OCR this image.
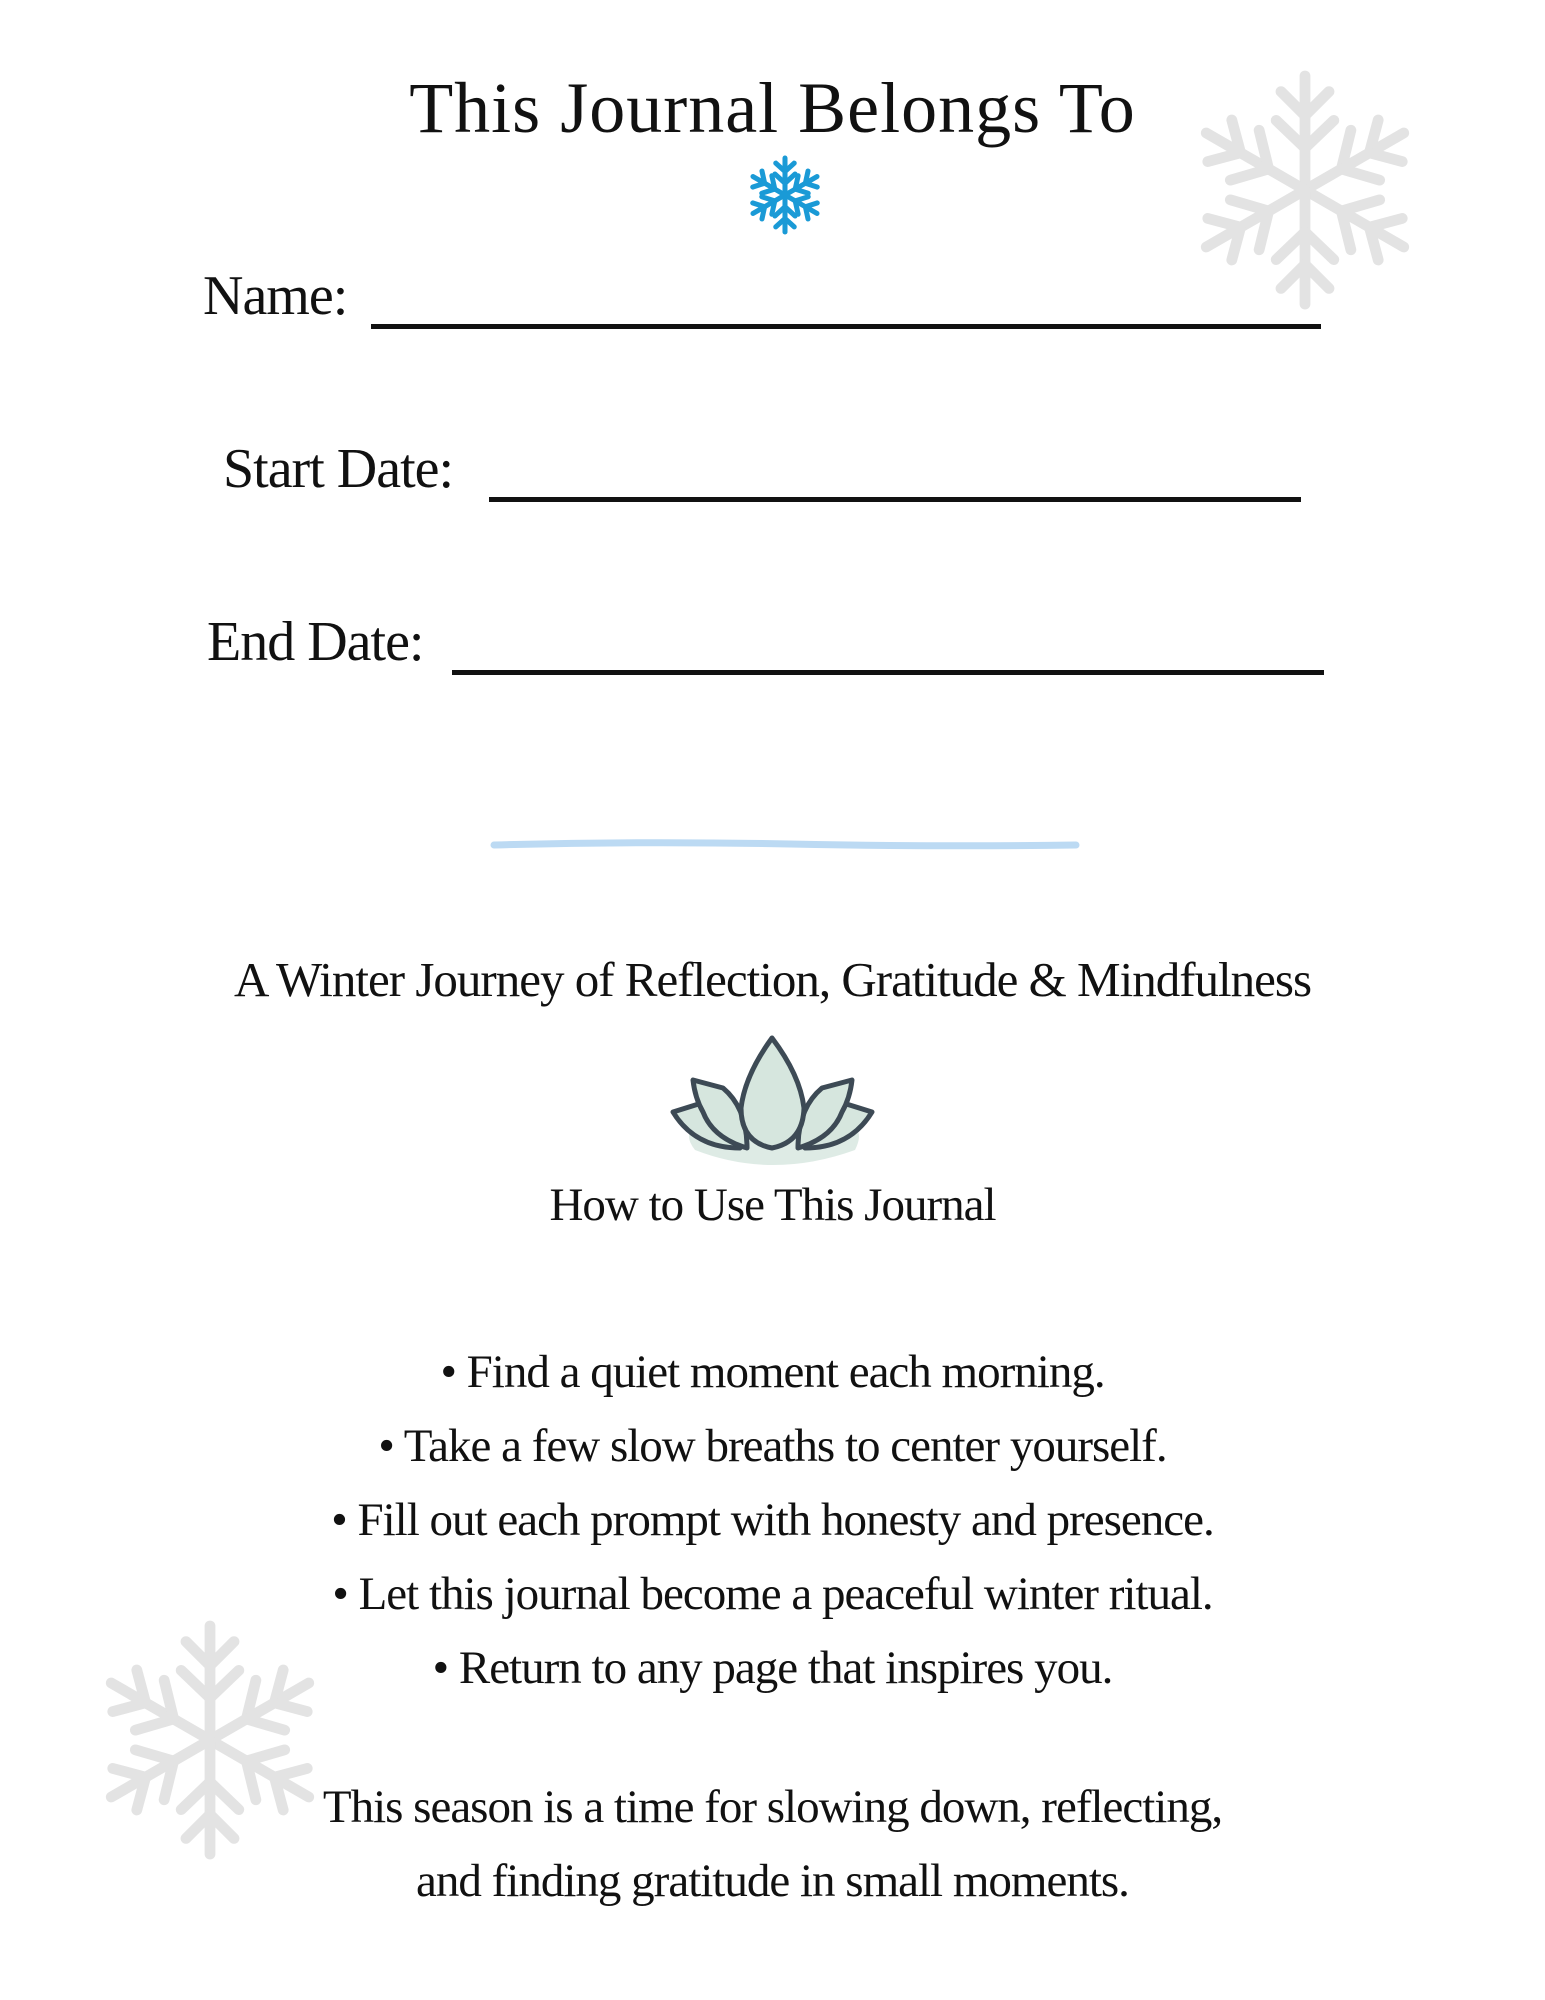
This Journal Belongs To
Name:
Start Date:
End Date:
A Winter Journey of Reflection, Gratitude & Mindfulness
How to Use This Journal
• Find a quiet moment each morning.
• Take a few slow breaths to center yourself.
• Fill out each prompt with honesty and presence.
• Let this journal become a peaceful winter ritual.
• Return to any page that inspires you.
This season is a time for slowing down, reflecting,
and finding gratitude in small moments.
